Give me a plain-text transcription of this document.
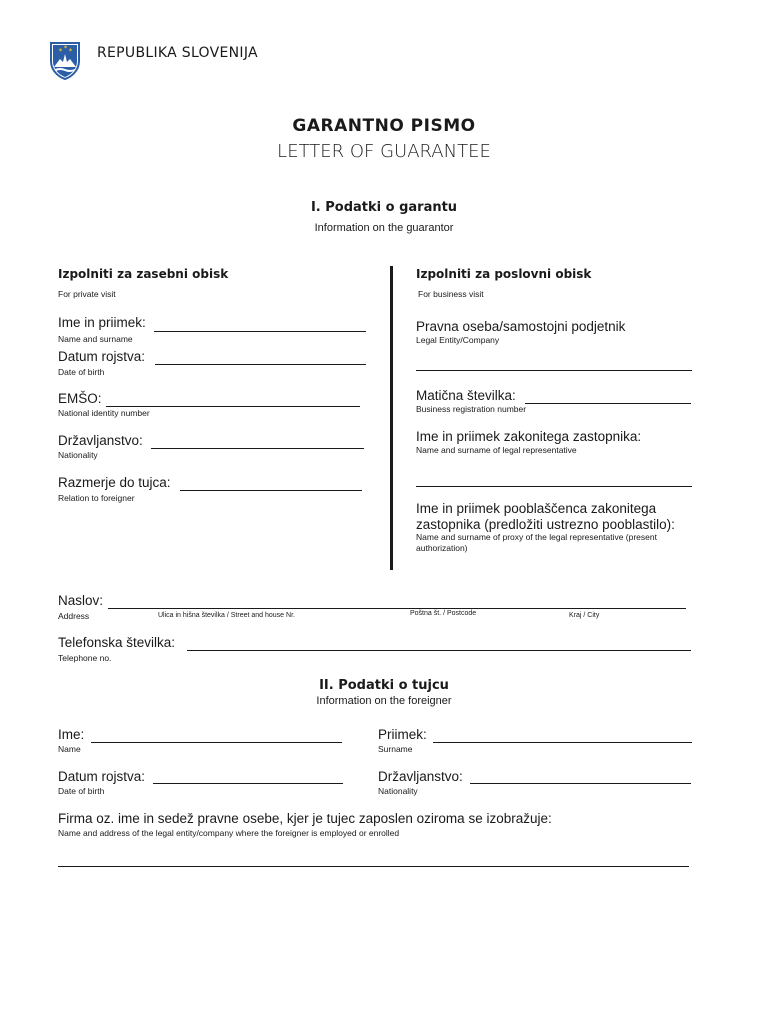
✶ ✶
✶ REPUBLIKA SLOVENIJA
GARANTNO PISMO
LETTER OF GUARANTEE
I. Podatki o garantu
Information on the guarantor
Izpolniti za zasebni obisk
For private visit
Ime in priimek:
Name and surname
Datum rojstva:
Date of birth
EMŠO:
National identity number
Državljanstvo:
Nationality
Razmerje do tujca:
Relation to foreigner
Izpolniti za poslovni obisk
For business visit
Pravna oseba/samostojni podjetnik
Legal Entity/Company
Matična številka:
Business registration number
Ime in priimek zakonitega zastopnika:
Name and surname of legal representative
Ime in priimek pooblaščenca zakonitega
zastopnika (predložiti ustrezno pooblastilo):
Name and surname of proxy of the legal representative (present
authorization)
Naslov:
Address	Ulica in hišna številka / Street and house Nr.	Poštna št. / Postcode	Kraj / City
Telefonska številka:
Telephone no.
II. Podatki o tujcu
Information on the foreigner
Ime:
Name
Priimek:
Surname
Datum rojstva:
Date of birth
Državljanstvo:
Nationality
Firma oz. ime in sedež pravne osebe, kjer je tujec zaposlen oziroma se izobražuje:
Name and address of the legal entity/company where the foreigner is employed or enrolled
